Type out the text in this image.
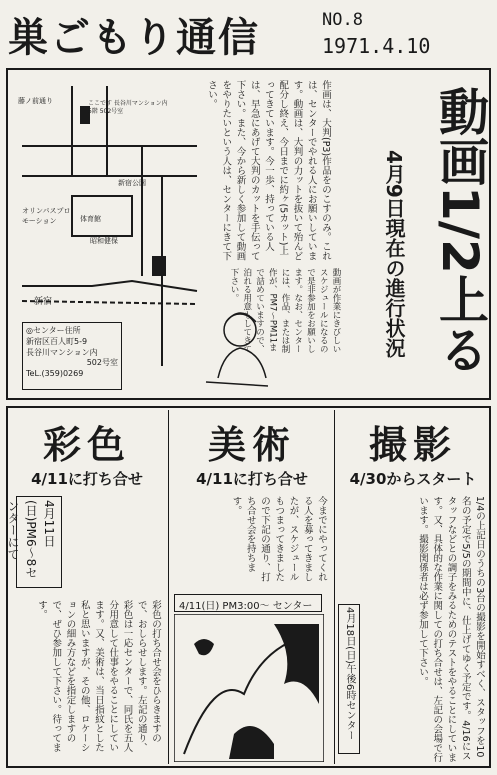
巣ごもり通信	NO.8
1971.4.10
藤ノ前通り	ここです 長谷川マンション内 5階 502号室
新宿公園
オリンパスプロモーション	体育館
昭和健保
新宿
◎センター住所
新宿区百人町5-9
長谷川マンション内
502号室
TeL.(359)0269
作画は、大判(P3)作品をのこすのみ。これは、センターでやれる人にお願いしています。動画は、大判の力ットを抜いて殆んど配分し終え、今日までに約ヶ(5カット)上ってきています。今一歩、持っている人は、早急にあげて大判のカットを手伝って下さい。また、今から新しく参加して動画をやりたいという人は、センターにきて下さい。
動画が作業にきびしいスケジュールになるので是非参加をお願いします。なお、センターには、作品、または制作が、PM7～PM11まで詰めていますので、泊れる用意もしてきて下さい。	動画1/2上る
4月9日現在の進行状況
彩色
4/11に打ち合せ
4月11日(日)PM6～8センターにて
彩色の打ち合せ会をひらきますので、おしらせします。左記の通り、彩色は一応センターで、同氏を五人分用意して仕事をやることにしています。又、美術は、当日指紋とした私と思いますが、その他、ロケーションの細み方などを指定しますので、ぜひ参加して下さい。待ってます。
美術
4/11に打ち合せ
今までにやってくれる人を募ってきましたが、スケジュールもつまってきましたので下記の通り、打ち合せ会を持ちます。
4/11(日) PM3:00～ センター
撮影
4/30からスタート
1/4の上記日のうちの3台の撮影を開始すべく、スタッフを10名の予定で5/5の期間中に、仕上げてゆく予定です。4/16にスタッフなどとの調子をみるためのテストをやることにしています。又、具体的な作業に関しての打ち合せは、左記の会場で行います。撮影関係者は必ず参加して下さい。
4月18日(日)午後6時センター
